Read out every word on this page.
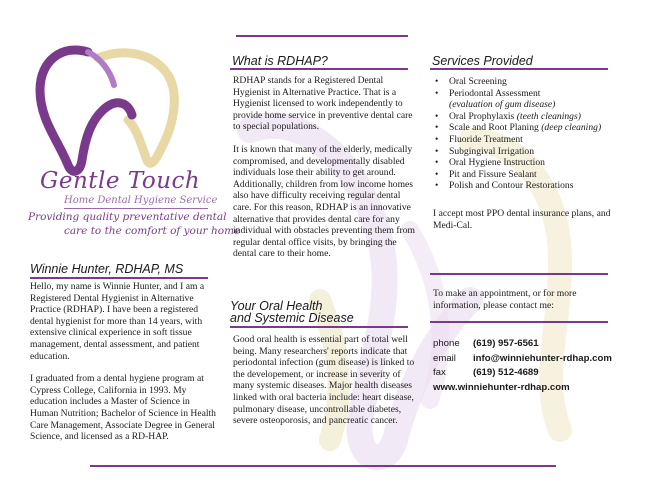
Gentle Touch
Home Dental Hygiene Service
Providing quality preventative dental
care to the comfort of your home
Winnie Hunter, RDHAP, MS

Hello, my name is Winnie Hunter, and I am a Registered Dental Hygienist in Alternative Practice (RDHAP). I have been a registered dental hygienist for more than 14 years, with extensive clinical experience in soft tissue management, dental assessment, and patient education.

I graduated from a dental hygiene program at Cypress College, California in 1993. My education includes a Master of Science in Human Nutrition; Bachelor of Science in Health Care Management, Associate Degree in General Science, and licensed as a RD-HAP.

What is RDHAP?

RDHAP stands for a Registered Dental Hygienist in Alternative Practice. That is a Hygienist licensed to work independently to provide home service in preventive dental care to special populations.

It is known that many of the elderly, medically compromised, and developmentally disabled individuals lose their ability to get around. Additionally, children from low income homes also have difficulty receiving regular dental care. For this reason, RDHAP is an innovative alternative that provides dental care for any individual with obstacles preventing them from regular dental office visits, by bringing the dental care to their home.

Your Oral Health
and Systemic Disease

Good oral health is essential part of total well being. Many researchers' reports indicate that periodontal infection (gum disease) is linked to the developement, or increase in severity of many systemic diseases. Major health diseases linked with oral bacteria include: heart disease, pulmonary disease, uncontrollable diabetes, severe osteoporosis, and pancreatic cancer.

Services Provided
• Oral Screening
• Periodontal Assessment
(evaluation of gum disease)
• Oral Prophylaxis (teeth cleanings)
• Scale and Root Planing (deep cleaning)
• Fluoride Treatment
• Subgingival Irrigation
• Oral Hygiene Instruction
• Pit and Fissure Sealant
• Polish and Contour Restorations
I accept most PPO dental insurance plans, and Medi-Cal.
To make an appointment, or for more information, please contact me:
phone (619) 957-6561
email info@winniehunter-rdhap.com
fax	(619) 512-4689
www.winniehunter-rdhap.com
